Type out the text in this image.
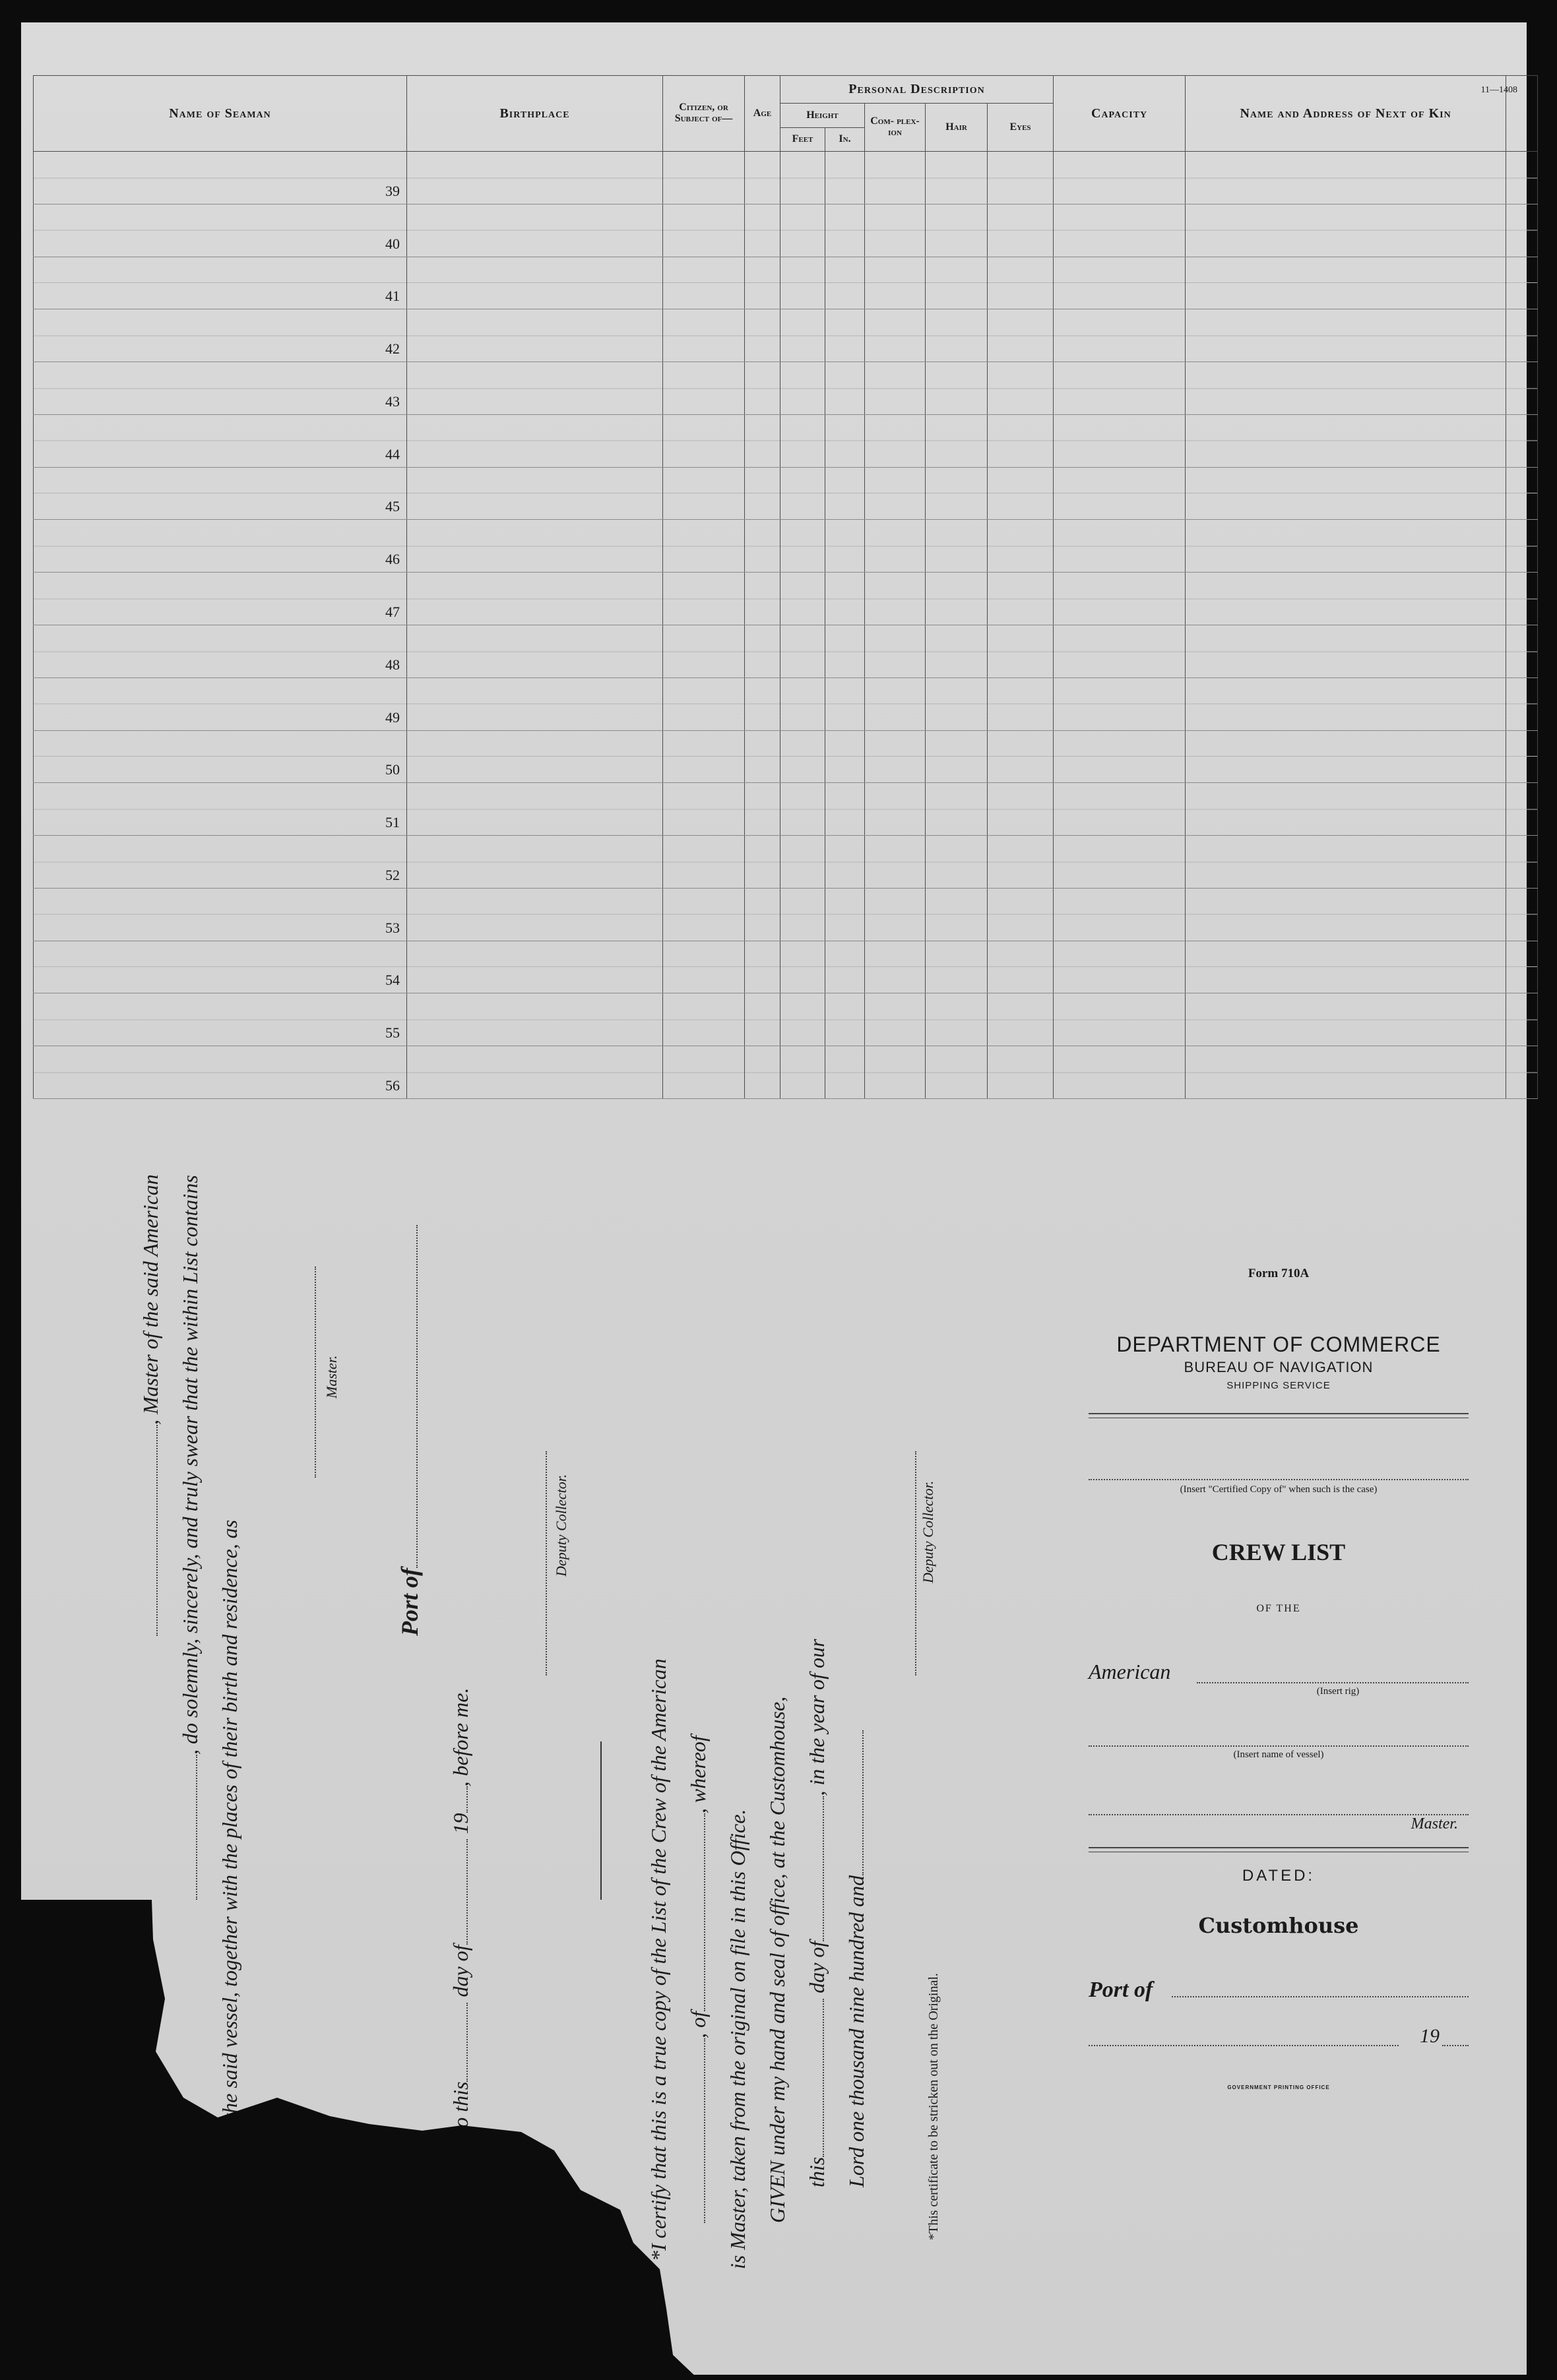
11—1408
Name of Seaman	Birthplace	Citizen, or Subject of—	Age	Personal Description					Capacity	Name and Address of Next of Kin	
				Height		Com- plex- ion	Hair	Eyes			
				Feet	In.						
39											
40											
41											
42											
43											
44											
45											
46											
47											
48											
49											
50											
51											
52											
53											
54											
55											
56											
, Master of the said American , do solemnly, sincerely, and truly swear that the within List contains
e Crew of the said vessel, together with the places of their birth and residence, as
Master.
Port of
day of 19, before me.
Deputy Collector.
*I certify that this is a true copy of the List of the Crew of the American , of, whereof
is Master, taken from the original on file in this Office. GIVEN under my hand and seal of office, at the Customhouse, this day of, in the year of our
Lord one thousand nine hundred and
Deputy Collector.
*This certificate to be stricken out on the Original.
Form 710A
DEPARTMENT OF COMMERCE
BUREAU OF NAVIGATION
SHIPPING SERVICE
(Insert "Certified Copy of" when such is the case)
CREW LIST
OF THE
American
(Insert rig)
(Insert name of vessel)
Master.
DATED:
Customhouse
Port of
19
GOVERNMENT PRINTING OFFICE
